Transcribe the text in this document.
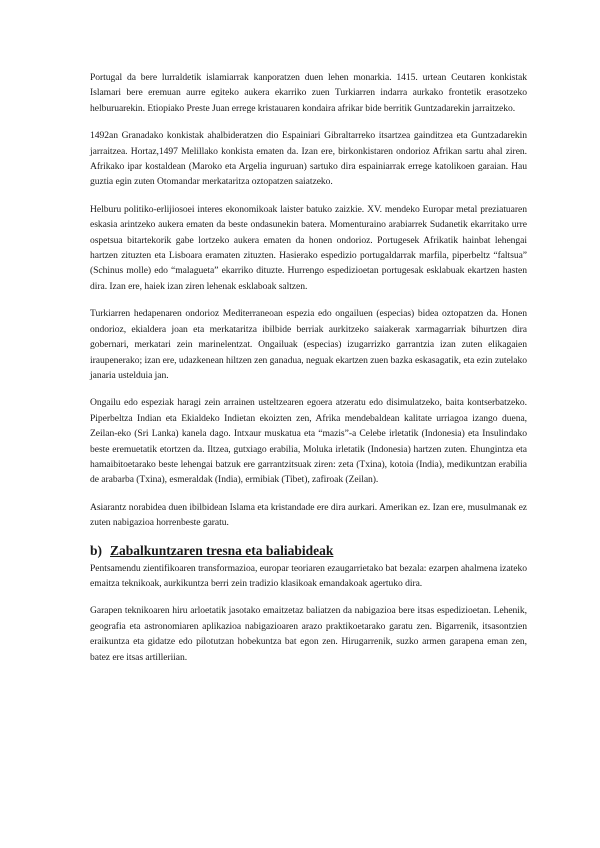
Portugal da bere lurraldetik islamiarrak kanporatzen duen lehen monarkia. 1415. urtean Ceutaren konkistak Islamari bere eremuan aurre egiteko aukera ekarriko zuen Turkiarren indarra aurkako frontetik erasotzeko helburuarekin. Etiopiako Preste Juan errege kristauaren kondaira afrikar bide berritik Guntzadarekin jarraitzeko.

1492an Granadako konkistak ahalbideratzen dio Espainiari Gibraltarreko itsartzea gainditzea eta Guntzadarekin jarraitzea. Hortaz,1497 Melillako konkista ematen da. Izan ere, birkonkistaren ondorioz Afrikan sartu ahal ziren. Afrikako ipar kostaldean (Maroko eta Argelia inguruan) sartuko dira espainiarrak errege katolikoen garaian. Hau guztia egin zuten Otomandar merkataritza oztopatzen saiatzeko.

Helburu politiko-erlijiosoei interes ekonomikoak laister batuko zaizkie. XV. mendeko Europar metal preziatuaren eskasia arintzeko aukera ematen da beste ondasunekin batera. Momenturaino arabiarrek Sudanetik ekarritako urre ospetsua bitartekorik gabe lortzeko aukera ematen da honen ondorioz. Portugesek Afrikatik hainbat lehengai hartzen zituzten eta Lisboara eramaten zituzten. Hasierako espedizio portugaldarrak marfila, piperbeltz “faltsua” (Schinus molle) edo “malagueta” ekarriko dituzte. Hurrengo espedizioetan portugesak esklabuak ekartzen hasten dira. Izan ere, haiek izan ziren lehenak esklaboak saltzen.

Turkiarren hedapenaren ondorioz Mediterraneoan espezia edo ongailuen (especias) bidea oztopatzen da. Honen ondorioz, ekialdera joan eta merkataritza ibilbide berriak aurkitzeko saiakerak xarmagarriak bihurtzen dira gobernari, merkatari zein marinelentzat. Ongailuak (especias) izugarrizko garrantzia izan zuten elikagaien iraupenerako; izan ere, udazkenean hiltzen zen ganadua, neguak ekartzen zuen bazka eskasagatik, eta ezin zutelako janaria ustelduia jan.

Ongailu edo espeziak haragi zein arrainen usteltzearen egoera atzeratu edo disimulatzeko, baita kontserbatzeko. Piperbeltza Indian eta Ekialdeko Indietan ekoizten zen, Afrika mendebaldean kalitate urriagoa izango duena, Zeilan-eko (Sri Lanka) kanela dago. Intxaur muskatua eta “mazis”-a Celebe irletatik (Indonesia) eta Insulindako beste eremuetatik etortzen da. Iltzea, gutxiago erabilia, Moluka irletatik (Indonesia) hartzen zuten. Ehungintza eta hamaibitoetarako beste lehengai batzuk ere garrantzitsuak ziren: zeta (Txina), kotoia (India), medikuntzan erabilia de arabarba (Txina), esmeraldak (India), ermibiak (Tibet), zafiroak (Zeilan).

Asiarantz norabidea duen ibilbidean Islama eta kristandade ere dira aurkari. Amerikan ez. Izan ere, musulmanak ez zuten nabigazioa horrenbeste garatu.

b) Zabalkuntzaren tresna eta baliabideak

Pentsamendu zientifikoaren transformazioa, europar teoriaren ezaugarrietako bat bezala: ezarpen ahalmena izateko emaitza teknikoak, aurkikuntza berri zein tradizio klasikoak emandakoak agertuko dira.

Garapen teknikoaren hiru arloetatik jasotako emaitzetaz baliatzen da nabigazioa bere itsas espedizioetan. Lehenik, geografia eta astronomiaren aplikazioa nabigazioaren arazo praktikoetarako garatu zen. Bigarrenik, itsasontzien eraikuntza eta gidatze edo pilotutzan hobekuntza bat egon zen. Hirugarrenik, suzko armen garapena eman zen, batez ere itsas artilleriian.
